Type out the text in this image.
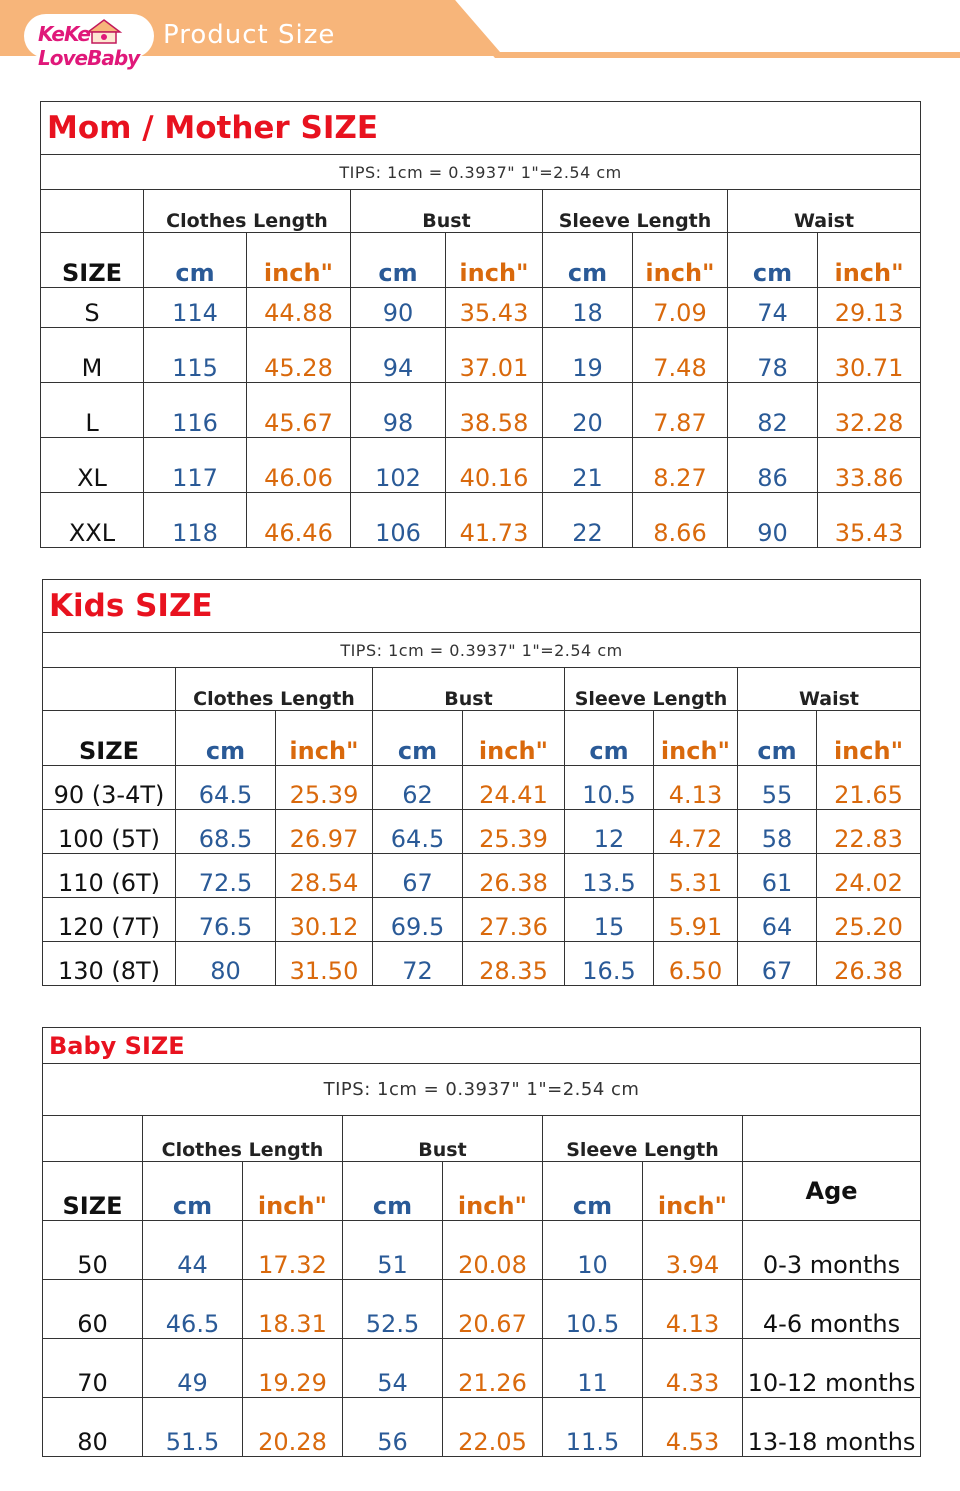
KeKe LoveBaby
Product Size
Mom / Mother SIZE								
TIPS: 1cm = 0.3937" 1"=2.54 cm								
	Clothes Length		Bust		Sleeve Length		Waist	
SIZE	cm	inch"	cm	inch"	cm	inch"	cm	inch"
S	114	44.88	90	35.43	18	7.09	74	29.13
M	115	45.28	94	37.01	19	7.48	78	30.71
L	116	45.67	98	38.58	20	7.87	82	32.28
XL	117	46.06	102	40.16	21	8.27	86	33.86
XXL	118	46.46	106	41.73	22	8.66	90	35.43
Kids SIZE								
TIPS: 1cm = 0.3937" 1"=2.54 cm								
	Clothes Length		Bust		Sleeve Length		Waist	
SIZE	cm	inch"	cm	inch"	cm	inch"	cm	inch"
90 (3-4T)	64.5	25.39	62	24.41	10.5	4.13	55	21.65
100 (5T)	68.5	26.97	64.5	25.39	12	4.72	58	22.83
110 (6T)	72.5	28.54	67	26.38	13.5	5.31	61	24.02
120 (7T)	76.5	30.12	69.5	27.36	15	5.91	64	25.20
130 (8T)	80	31.50	72	28.35	16.5	6.50	67	26.38
Baby SIZE							
TIPS: 1cm = 0.3937" 1"=2.54 cm							
	Clothes Length		Bust		Sleeve Length		
SIZE	cm	inch"	cm	inch"	cm	inch"	Age
50	44	17.32	51	20.08	10	3.94	0-3 months
60	46.5	18.31	52.5	20.67	10.5	4.13	4-6 months
70	49	19.29	54	21.26	11	4.33	10-12 months
80	51.5	20.28	56	22.05	11.5	4.53	13-18 months
